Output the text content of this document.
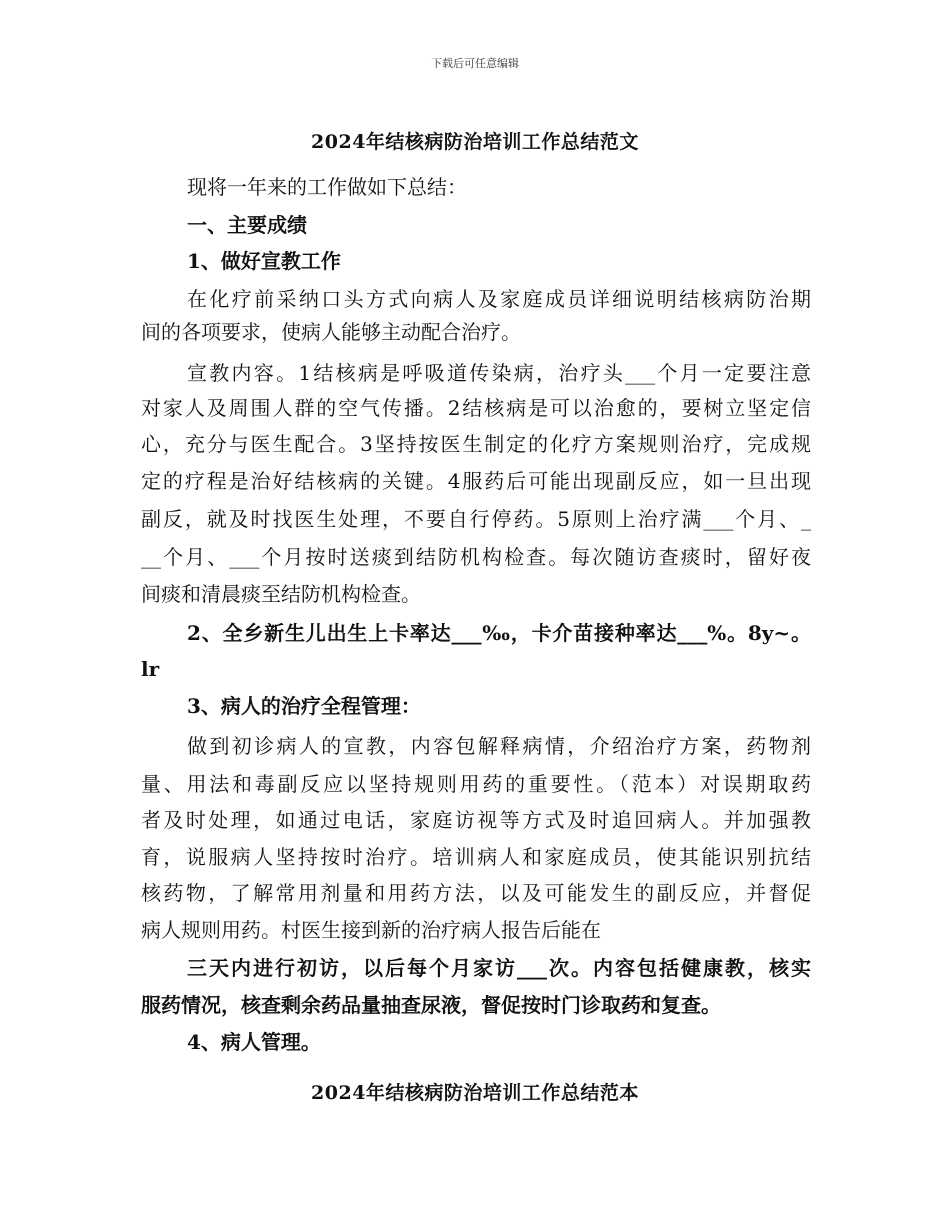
下载后可任意编辑
2024年结核病防治培训工作总结范文
现将一年来的工作做如下总结：
一、主要成绩
1、做好宣教工作
在化疗前采纳口头方式向病人及家庭成员详细说明结核病防治期
间的各项要求，使病人能够主动配合治疗。
宣教内容。1结核病是呼吸道传染病，治疗头___个月一定要注意
对家人及周围人群的空气传播。2结核病是可以治愈的，要树立坚定信
心，充分与医生配合。3坚持按医生制定的化疗方案规则治疗，完成规
定的疗程是治好结核病的关键。4服药后可能出现副反应，如一旦出现
副反，就及时找医生处理，不要自行停药。5原则上治疗满___个月、_
__个月、___个月按时送痰到结防机构检查。每次随访查痰时，留好夜
间痰和清晨痰至结防机构检查。
2、全乡新生儿出生上卡率达___‰，卡介苗接种率达___%。8y~。
lr
3、病人的治疗全程管理：
做到初诊病人的宣教，内容包解释病情，介绍治疗方案，药物剂
量、用法和毒副反应以坚持规则用药的重要性。（范本）对误期取药
者及时处理，如通过电话，家庭访视等方式及时追回病人。并加强教
育，说服病人坚持按时治疗。培训病人和家庭成员，使其能识别抗结
核药物，了解常用剂量和用药方法，以及可能发生的副反应，并督促
病人规则用药。村医生接到新的治疗病人报告后能在
三天内进行初访，以后每个月家访___次。内容包括健康教，核实
服药情况，核查剩余药品量抽查尿液，督促按时门诊取药和复查。
4、病人管理。
2024年结核病防治培训工作总结范本
